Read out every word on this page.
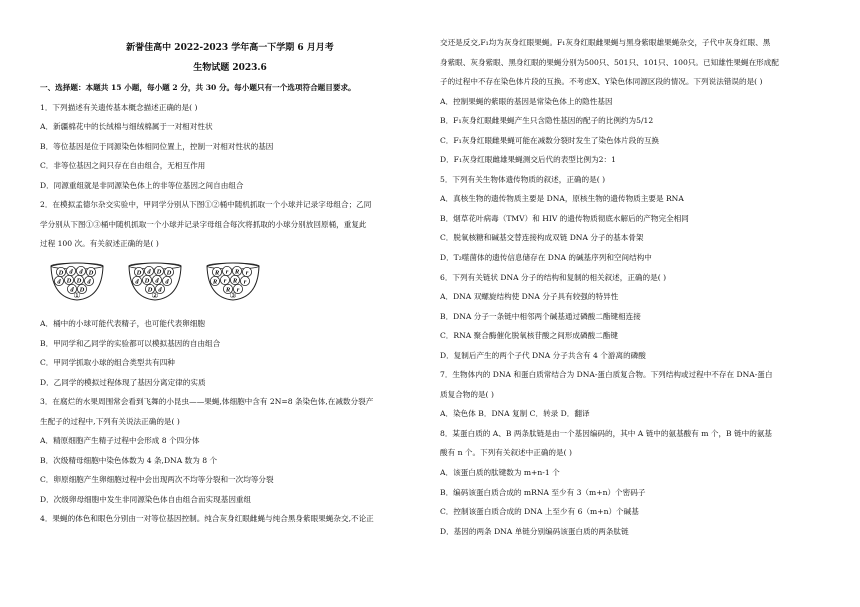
新誉佳高中 2022-2023 学年高一下学期 6 月月考
生物试题 2023.6
一、选择题：本题共 15 小题，每小题 2 分，共 30 分。每小题只有一个选项符合题目要求。
1．下列描述有关遗传基本概念描述正确的是( )
A．新疆棉花中的长绒棉与细绒棉属于一对相对性状
B．等位基因是位于同源染色体相同位置上，控制一对相对性状的基因
C．非等位基因之间只存在自由组合，无相互作用
D．同源重组就是非同源染色体上的非等位基因之间自由组合
2．在模拟孟德尔杂交实验中，甲同学分别从下图①②桶中随机抓取一个小球并记录字母组合；乙同
学分别从下图①③桶中随机抓取一个小球并记录字母组合每次将抓取的小球分别放回原桶，重复此
过程 100 次。有关叙述正确的是( )
D d d D
d D D d
d D
①
D d D D
d D d d
D d
②
R r R r
R r R r
R r
③
A．桶中的小球可能代表精子，也可能代表卵细胞
B．甲同学和乙同学的实验都可以模拟基因的自由组合
C．甲同学抓取小球的组合类型共有四种
D．乙同学的模拟过程体现了基因分离定律的实质
3．在腐烂的水果周围常会看到飞舞的小昆虫——果蝇,体细胞中含有 2N=8 条染色体,在减数分裂产
生配子的过程中,下列有关说法正确的是( )
A．精原细胞产生精子过程中会形成 8 个四分体
B．次级精母细胞中染色体数为 4 条,DNA 数为 8 个
C．卵原细胞产生卵细胞过程中会出现两次不均等分裂和一次均等分裂
D．次级卵母细胞中发生非同源染色体自由组合而实现基因重组
4．果蝇的体色和眼色分别由一对等位基因控制。纯合灰身红眼雌蝇与纯合黑身紫眼果蝇杂交,不论正
交还是反交,F₁均为灰身红眼果蝇。F₁灰身红眼雌果蝇与黑身紫眼雄果蝇杂交，子代中灰身红眼、黑
身紫眼、灰身紫眼、黑身红眼的果蝇分别为500只、501只、101只、100只。已知雄性果蝇在形成配
子的过程中不存在染色体片段的互换。不考虑X、Y染色体同源区段的情况。下列说法错误的是( )
A．控制果蝇的紫眼的基因是常染色体上的隐性基因
B．F₁灰身红眼雌果蝇产生只含隐性基因的配子的比例约为5/12
C．F₁灰身红眼雌果蝇可能在减数分裂时发生了染色体片段的互换
D．F₁灰身红眼雌雄果蝇测交后代的表型比例为2：1
5．下列有关生物体遗传物质的叙述，正确的是( )
A．真核生物的遗传物质主要是 DNA，原核生物的遗传物质主要是 RNA
B．烟草花叶病毒（TMV）和 HIV 的遗传物质彻底水解后的产物完全相同
C．脱氧核糖和碱基交替连接构成双链 DNA 分子的基本骨架
D．T₂噬菌体的遗传信息储存在 DNA 的碱基序列和空间结构中
6．下列有关链状 DNA 分子的结构和复制的相关叙述，正确的是( )
A．DNA 双螺旋结构使 DNA 分子具有较强的特异性
B．DNA 分子一条链中相邻两个碱基通过磷酸二酯键相连接
C．RNA 聚合酶催化脱氧核苷酸之间形成磷酸二酯键
D．复制后产生的两个子代 DNA 分子共含有 4 个游离的磷酸
7．生物体内的 DNA 和蛋白质常结合为 DNA-蛋白质复合物。下列结构或过程中不存在 DNA-蛋白
质复合物的是( )
A．染色体 B．DNA 复制 C．转录 D．翻译
8．某蛋白质的 A、B 两条肽链是由一个基因编码的，其中 A 链中的氨基酸有 m 个，B 链中的氨基
酸有 n 个。下列有关叙述中正确的是( )
A．该蛋白质的肽键数为 m+n-1 个
B．编码该蛋白质合成的 mRNA 至少有 3（m+n）个密码子
C．控制该蛋白质合成的 DNA 上至少有 6（m+n）个碱基
D．基因的两条 DNA 单链分别编码该蛋白质的两条肽链
